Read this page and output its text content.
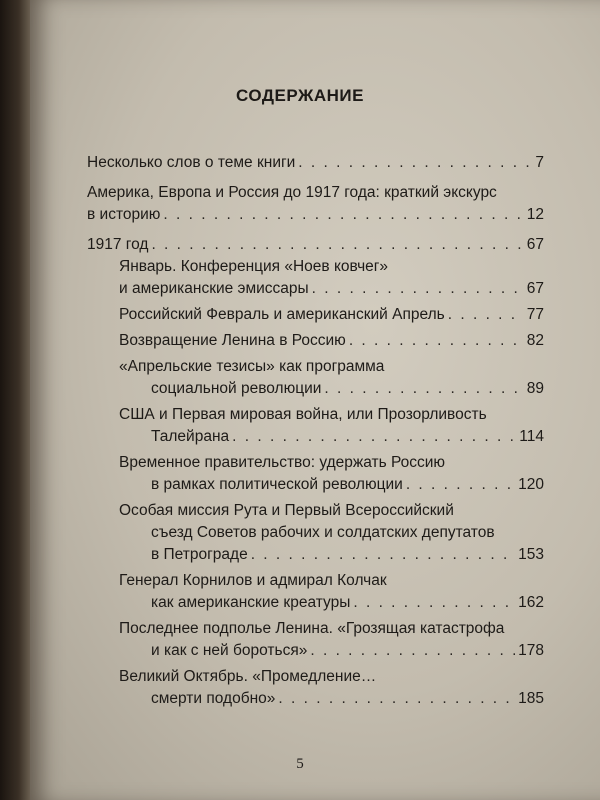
СОДЕРЖАНИЕ
Несколько слов о теме книги . . .	7
Америка, Европа и Россия до 1917 года: краткий экскурс
в историю . . .	12
1917 год . . .	67
Январь. Конференция «Ноев ковчег»
и американские эмиссары . . .	67
Российский Февраль и американский Апрель . . .	77
Возвращение Ленина в Россию . . .	82
«Апрельские тезисы» как программа
социальной революции . . .	89
США и Первая мировая война, или Прозорливость
Талейрана . . .	114
Временное правительство: удержать Россию
в рамках политической революции . . .	120
Особая миссия Рута и Первый Всероссийский
съезд Советов рабочих и солдатских депутатов
в Петрограде . . .	153
Генерал Корнилов и адмирал Колчак
как американские креатуры . . .	162
Последнее подполье Ленина. «Грозящая катастрофа
и как с ней бороться» . . .	178
Великий Октябрь. «Промедление…
смерти подобно» . . .	185
5
